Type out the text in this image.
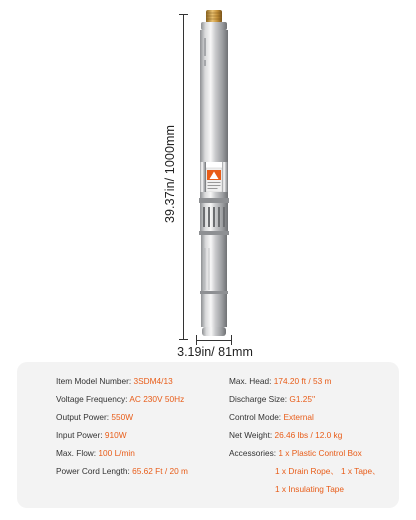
39.37in/ 1000mm
3.19in/ 81mm
Item Model Number: 3SDM4/13
Voltage Frequency: AC 230V 50Hz
Output Power: 550W
Input Power: 910W
Max. Flow: 100 L/min
Power Cord Length: 65.62 Ft / 20 m
Max. Head: 174.20 ft / 53 m
Discharge Size: G1.25''
Control Mode: External
Net Weight: 26.46 lbs / 12.0 kg
Accessories: 1 x Plastic Control Box
1 x Drain Rope、 1 x Tape、
1 x Insulating Tape
